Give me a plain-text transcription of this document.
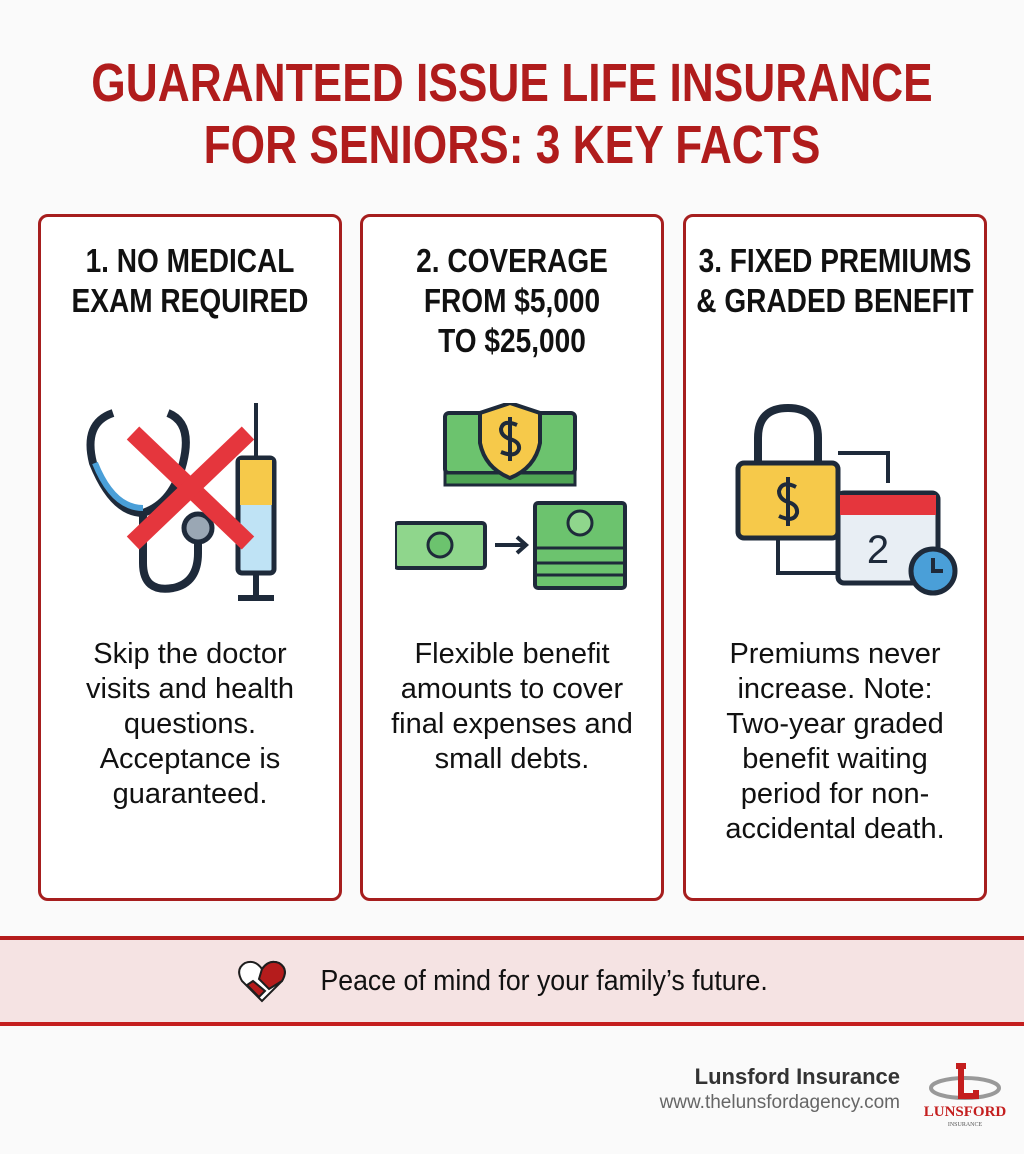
GUARANTEED ISSUE LIFE INSURANCE
FOR SENIORS: 3 KEY FACTS
1. NO MEDICAL EXAM REQUIRED

Skip the doctor visits and health questions. Acceptance is guaranteed.

2. COVERAGE FROM $5,000 TO $25,000

Flexible benefit amounts to cover final expenses and small debts.

3. FIXED PREMIUMS & GRADED BENEFIT
2

Premiums never increase. Note: Two-year graded benefit waiting period for non-accidental death.

Peace of mind for your family’s future.
Lunsford Insurance
www.thelunsfordagency.com LUNSFORD
INSURANCE
